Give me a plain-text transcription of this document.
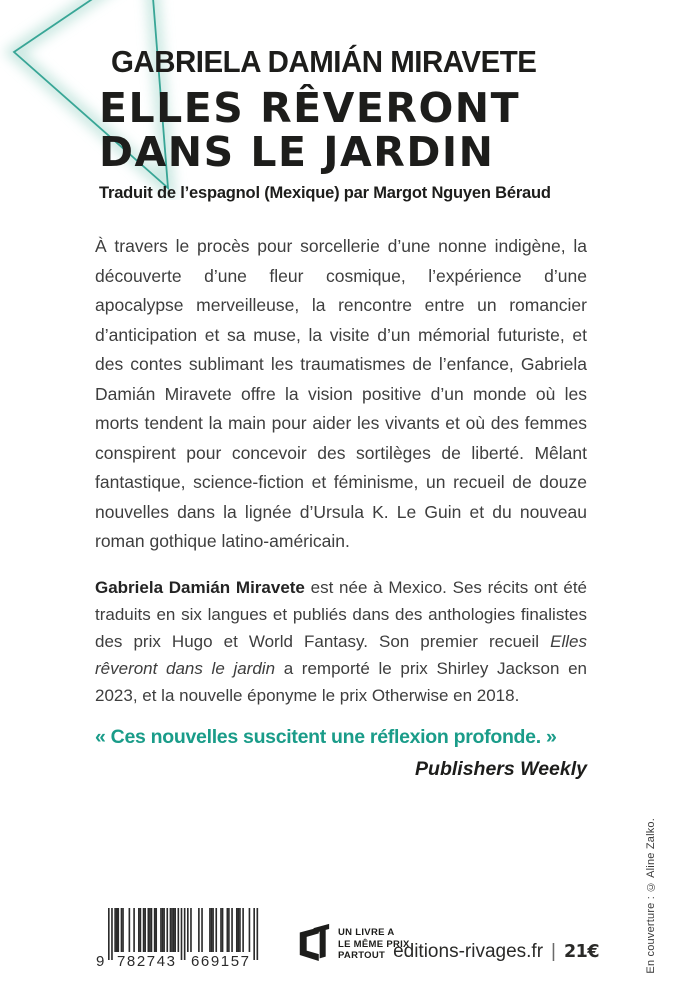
GABRIELA DAMIÁN MIRAVETE
ELLES RÊVERONT
DANS LE JARDIN
Traduit de l’espagnol (Mexique) par Margot Nguyen Béraud

À travers le procès pour sorcellerie d’une nonne indigène, la découverte d’une fleur cosmique, l’expérience d’une apocalypse merveilleuse, la rencontre entre un romancier d’anticipation et sa muse, la visite d’un mémorial futuriste, et des contes sublimant les traumatismes de l’enfance, Gabriela Damián Miravete offre la vision positive d’un monde où les morts tendent la main pour aider les vivants et où des femmes conspirent pour concevoir des sortilèges de liberté. Mêlant fantastique, science-fiction et féminisme, un recueil de douze nouvelles dans la lignée d’Ursula K. Le Guin et du nouveau roman gothique latino-américain.

Gabriela Damián Miravete est née à Mexico. Ses récits ont été traduits en six langues et publiés dans des anthologies finalistes des prix Hugo et World Fantasy. Son premier recueil Elles rêveront dans le jardin a remporté le prix Shirley Jackson en 2023, et la nouvelle éponyme le prix Otherwise en 2018.

« Ces nouvelles suscitent une réflexion profonde. »
Publishers Weekly
9 782743 669157
UN LIVRE A
LE MÊME PRIX
PARTOUT editions-rivages.fr | 21€	En couverture : © Aline Zalko.
